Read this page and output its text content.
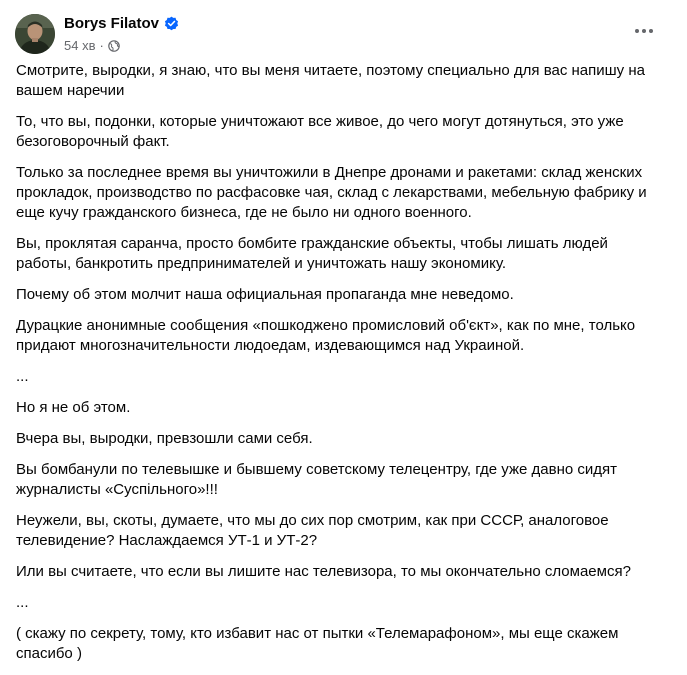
Borys Filatov
54 хв ·

Смотрите, выродки, я знаю, что вы меня читаете, поэтому специально для вас напишу на вашем наречии

То, что вы, подонки, которые уничтожают все живое, до чего могут дотянуться, это уже безоговорочный факт.

Только за последнее время вы уничтожили в Днепре дронами и ракетами: склад женских прокладок, производство по расфасовке чая, склад с лекарствами, мебельную фабрику и еще кучу гражданского бизнеса, где не было ни одного военного.

Вы, проклятая саранча, просто бомбите гражданские объекты, чтобы лишать людей работы, банкротить предпринимателей и уничтожать нашу экономику.

Почему об этом молчит наша официальная пропаганда мне неведомо.

Дурацкие анонимные сообщения «пошкоджено промисловий об'єкт», как по мне, только придают многозначительности людоедам, издевающимся над Украиной.

...

Но я не об этом.

Вчера вы, выродки, превзошли сами себя.

Вы бомбанули по телевышке и бывшему советскому телецентру, где уже давно сидят журналисты «Суспільного»!!!

Неужели, вы, скоты, думаете, что мы до сих пор смотрим, как при СССР, аналоговое телевидение? Наслаждаемся УТ-1 и УТ-2?

Или вы считаете, что если вы лишите нас телевизора, то мы окончательно сломаемся?

...

( скажу по секрету, тому, кто избавит нас от пытки «Телемарафоном», мы еще скажем спасибо )
